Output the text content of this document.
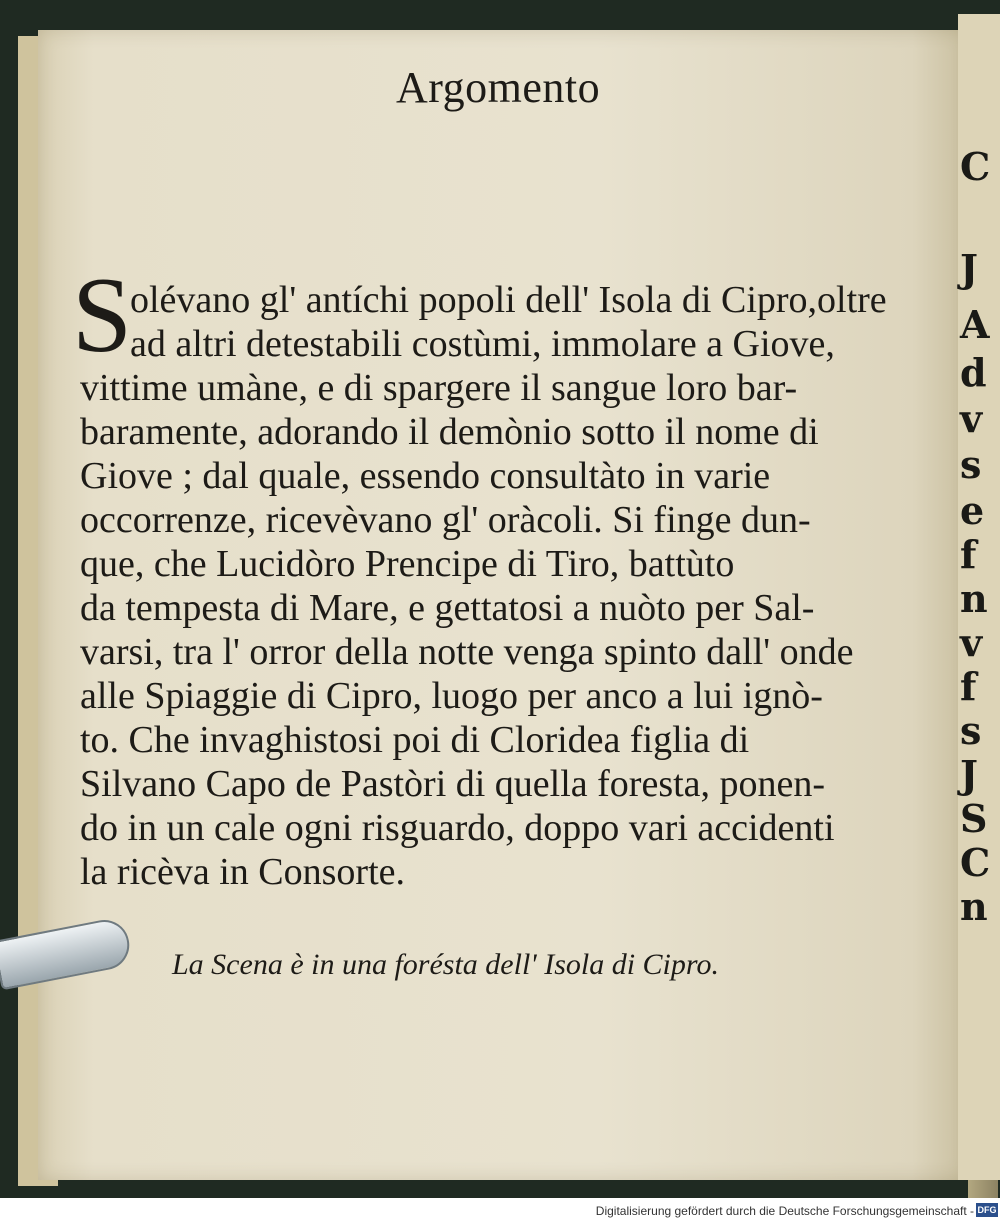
C
J
A
d
v
s
e
f
n
v
f
s
J
S
C
n
Argomento
S

olévano gl' antíchi popoli dell' Isola di Cipro,oltre

ad altri detestabili costùmi, immolare a Giove,

vittime umàne, e di spargere il sangue loro bar-

baramente, adorando il demònio sotto il nome di

Giove ; dal quale, essendo consultàto in varie

occorrenze, ricevèvano gl' oràcoli. Si finge dun-

que, che Lucidòro Prencipe di Tiro, battùto

da tempesta di Mare, e gettatosi a nuòto per Sal-

varsi, tra l' orror della notte venga spinto dall' onde

alle Spiaggie di Cipro, luogo per anco a lui ignò-

to. Che invaghistosi poi di Cloridea figlia di

Silvano Capo de Pastòri di quella foresta, ponen-

do in un cale ogni risguardo, doppo vari accidenti

la ricèva in Consorte.

La Scena è in una forésta dell' Isola di Cipro.
Digitalisierung gefördert durch die Deutsche Forschungsgemeinschaft - DFG
